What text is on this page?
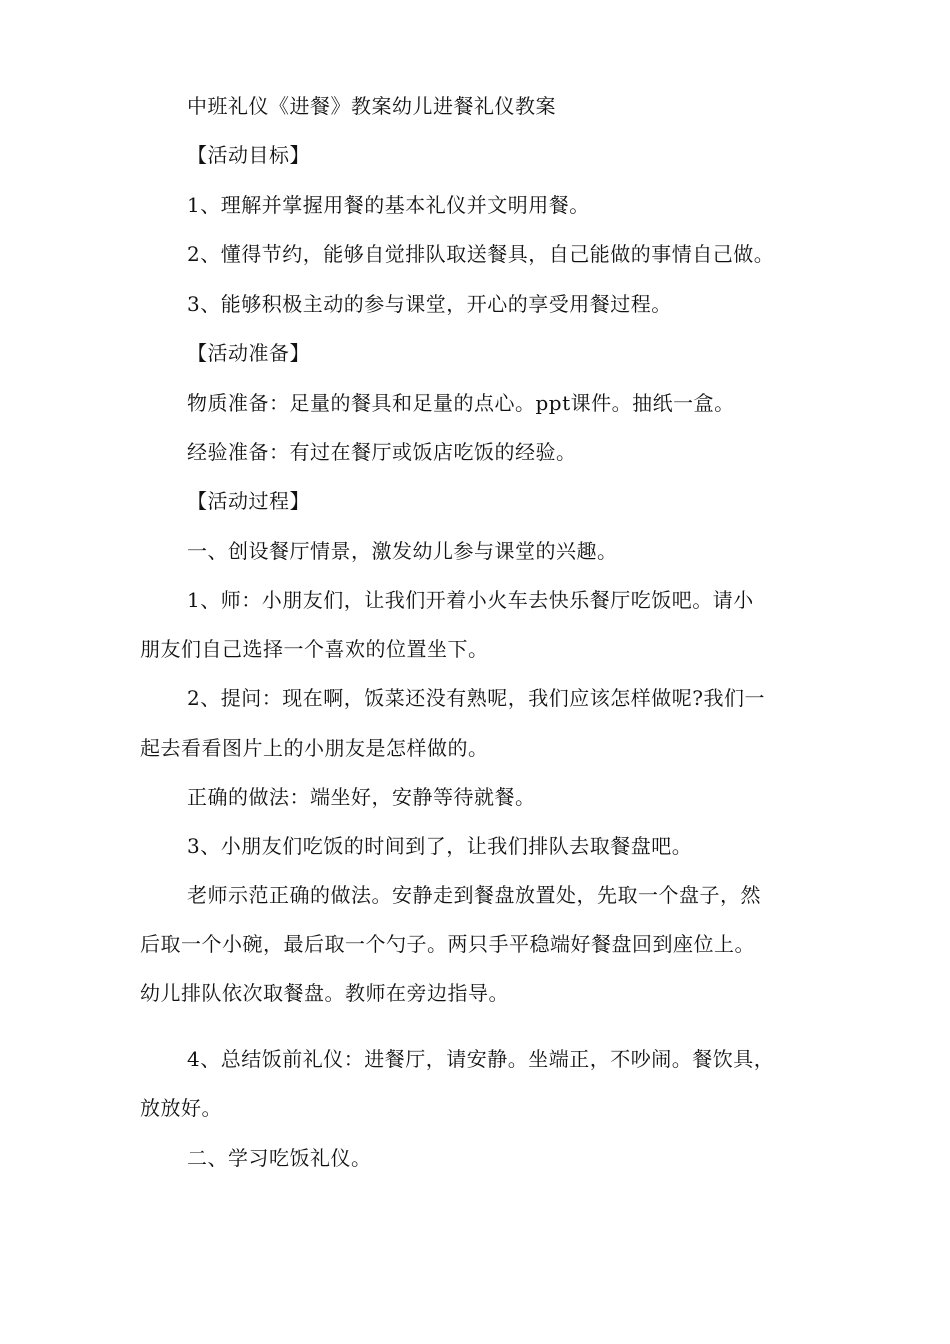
中班礼仪《进餐》教案幼儿进餐礼仪教案
【活动目标】
1、理解并掌握用餐的基本礼仪并文明用餐。
2、懂得节约，能够自觉排队取送餐具，自己能做的事情自己做。
3、能够积极主动的参与课堂，开心的享受用餐过程。
【活动准备】
物质准备：足量的餐具和足量的点心。ppt课件。抽纸一盒。
经验准备：有过在餐厅或饭店吃饭的经验。
【活动过程】
一、创设餐厅情景，激发幼儿参与课堂的兴趣。
1、师：小朋友们，让我们开着小火车去快乐餐厅吃饭吧。请小
朋友们自己选择一个喜欢的位置坐下。
2、提问：现在啊，饭菜还没有熟呢，我们应该怎样做呢?我们一
起去看看图片上的小朋友是怎样做的。
正确的做法：端坐好，安静等待就餐。
3、小朋友们吃饭的时间到了，让我们排队去取餐盘吧。
老师示范正确的做法。安静走到餐盘放置处，先取一个盘子，然
后取一个小碗，最后取一个勺子。两只手平稳端好餐盘回到座位上。
幼儿排队依次取餐盘。教师在旁边指导。
4、总结饭前礼仪：进餐厅，请安静。坐端正，不吵闹。餐饮具，
放放好。
二、学习吃饭礼仪。
